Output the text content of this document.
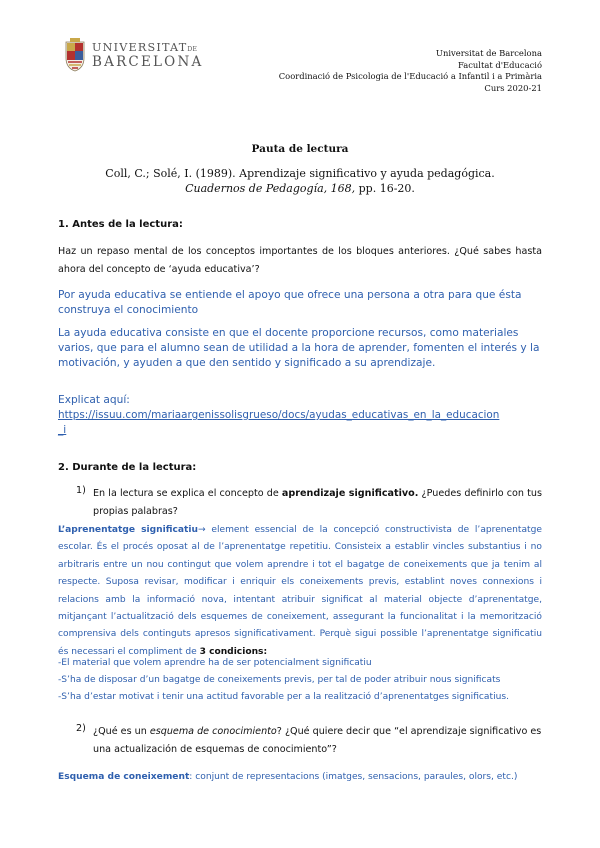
UNIVERSITATDE
BARCELONA
Universitat de Barcelona
Facultat d'Educació
Coordinació de Psicologia de l'Educació a Infantil i a Primària
Curs 2020-21
Pauta de lectura
Coll, C.; Solé, I. (1989). Aprendizaje significativo y ayuda pedagógica.
Cuadernos de Pedagogía, 168, pp. 16-20.
1. Antes de la lectura:
Haz un repaso mental de los conceptos importantes de los bloques anteriores. ¿Qué sabes hasta ahora del concepto de ‘ayuda educativa’?
Por ayuda educativa se entiende el apoyo que ofrece una persona a otra para que ésta construya el conocimiento
La ayuda educativa consiste en que el docente proporcione recursos, como materiales varios, que para el alumno sean de utilidad a la hora de aprender, fomenten el interés y la motivación, y ayuden a que den sentido y significado a su aprendizaje.
Explicat aquí:
https://issuu.com/mariaargenissolisgrueso/docs/ayudas_educativas_en_la_educacion
_i
2. Durante de la lectura:
1) En la lectura se explica el concepto de aprendizaje significativo. ¿Puedes definirlo con tus propias palabras?
L’aprenentatge significatiu→ element essencial de la concepció constructivista de l’aprenentatge escolar. És el procés oposat al de l’aprenentatge repetitiu. Consisteix a establir vincles substantius i no arbitraris entre un nou contingut que volem aprendre i tot el bagatge de coneixements que ja tenim al respecte. Suposa revisar, modificar i enriquir els coneixements previs, establint noves connexions i relacions amb la informació nova, intentant atribuir significat al material objecte d’aprenentatge, mitjançant l’actualització dels esquemes de coneixement, assegurant la funcionalitat i la memorització comprensiva dels continguts apresos significativament. Perquè sigui possible l’aprenentatge significatiu és necessari el compliment de 3 condicions:
-El material que volem aprendre ha de ser potencialment significatiu
-S’ha de disposar d’un bagatge de coneixements previs, per tal de poder atribuir nous significats
-S’ha d’estar motivat i tenir una actitud favorable per a la realització d’aprenentatges significatius.
2) ¿Qué es un esquema de conocimiento? ¿Qué quiere decir que “el aprendizaje significativo es una actualización de esquemas de conocimiento”?
Esquema de coneixement: conjunt de representacions (imatges, sensacions, paraules, olors, etc.)
